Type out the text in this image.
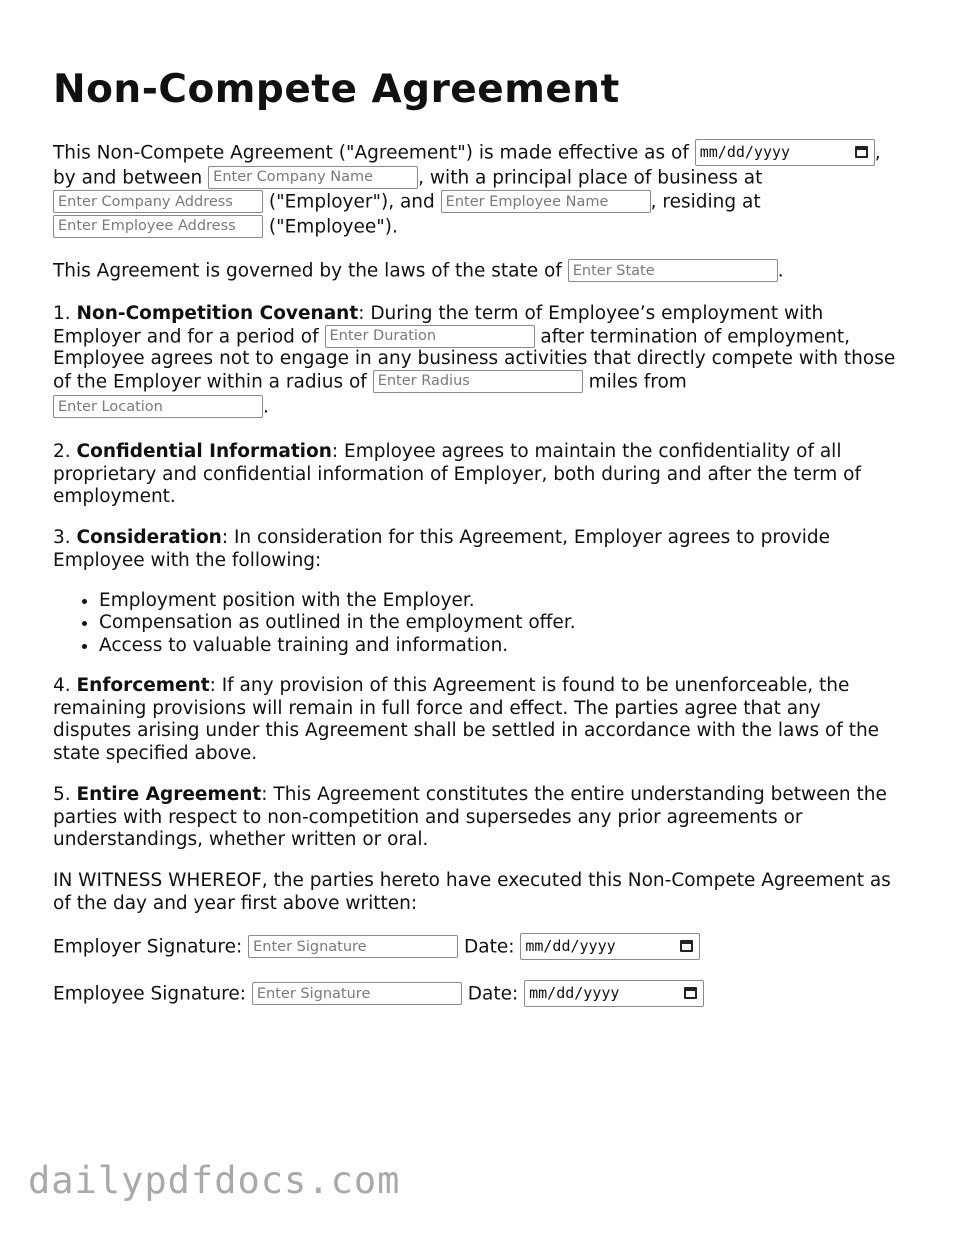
Non-Compete Agreement
This Non-Compete Agreement ("Agreement") is made effective as of mm/dd/yyyy	,
by and between Enter Company Name	, with a principal place of business at
Enter Company Address ("Employer"), and Enter Employee Name	, residing at
Enter Employee Address ("Employee").
This Agreement is governed by the laws of the state of Enter State	.
1. Non-Competition Covenant: During the term of Employee’s employment with
Employer and for a period of Enter Duration	after termination of employment,
Employee agrees not to engage in any business activities that directly compete with those
of the Employer within a radius of Enter Radius	miles from
Enter Location.
2. Confidential Information: Employee agrees to maintain the confidentiality of all
proprietary and confidential information of Employer, both during and after the term of
employment.
3. Consideration: In consideration for this Agreement, Employer agrees to provide
Employee with the following:
• Employment position with the Employer.
• Compensation as outlined in the employment offer.
• Access to valuable training and information.
4. Enforcement: If any provision of this Agreement is found to be unenforceable, the
remaining provisions will remain in full force and effect. The parties agree that any
disputes arising under this Agreement shall be settled in accordance with the laws of the
state specified above.
5. Entire Agreement: This Agreement constitutes the entire understanding between the
parties with respect to non-competition and supersedes any prior agreements or
understandings, whether written or oral.
IN WITNESS WHEREOF, the parties hereto have executed this Non-Compete Agreement as
of the day and year first above written:
Employer Signature: Enter Signature	Date: mm/dd/yyyy
Employee Signature: Enter Signature	Date: mm/dd/yyyy
dailypdfdocs.com
